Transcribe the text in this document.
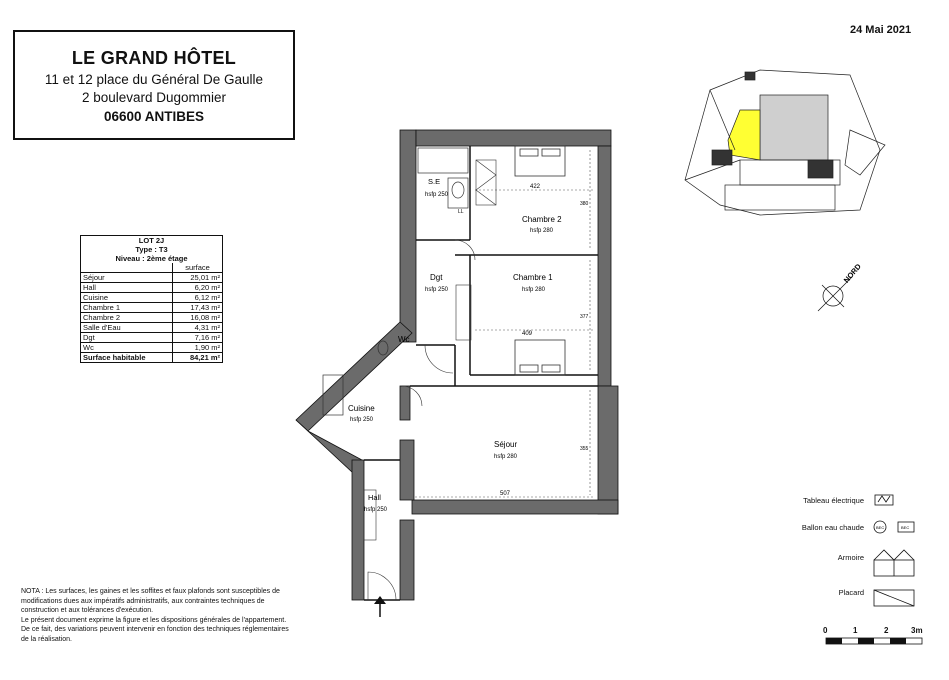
24 Mai 2021
LE GRAND HÔTEL
11 et 12 place du Général De Gaulle
2 boulevard Dugommier
06600 ANTIBES
LOT 2J	
Type : T3	
Niveau : 2ème étage	
	surface
Séjour	25,01 m²
Hall	6,20 m²
Cuisine	6,12 m²
Chambre 1	17,43 m²
Chambre 2	16,08 m²
Salle d'Eau	4,31 m²
Dgt	7,16 m²
Wc	1,90 m²
Surface habitable	84,21 m²
S.E
hsfp 250
LL
Chambre 2
hsfp 280
422
380
Chambre 1
hsfp 280
409
377
Dgt
hsfp 250
Wc
Cuisine
hsfp 250
Séjour
hsfp 280
507
355
Hall
hsfp 250
NORD
BEC	BEC
Tableau électrique
Ballon eau chaude
Armoire
Placard
0	1	2	3m
NOTA : Les surfaces, les gaines et les soffites et faux plafonds sont susceptibles de modifications dues aux impératifs administratifs, aux contraintes techniques de construction et aux tolérances d'exécution.
Le présent document exprime la figure et les dispositions générales de l'appartement. De ce fait, des variations peuvent intervenir en fonction des techniques réglementaires de la réalisation.
